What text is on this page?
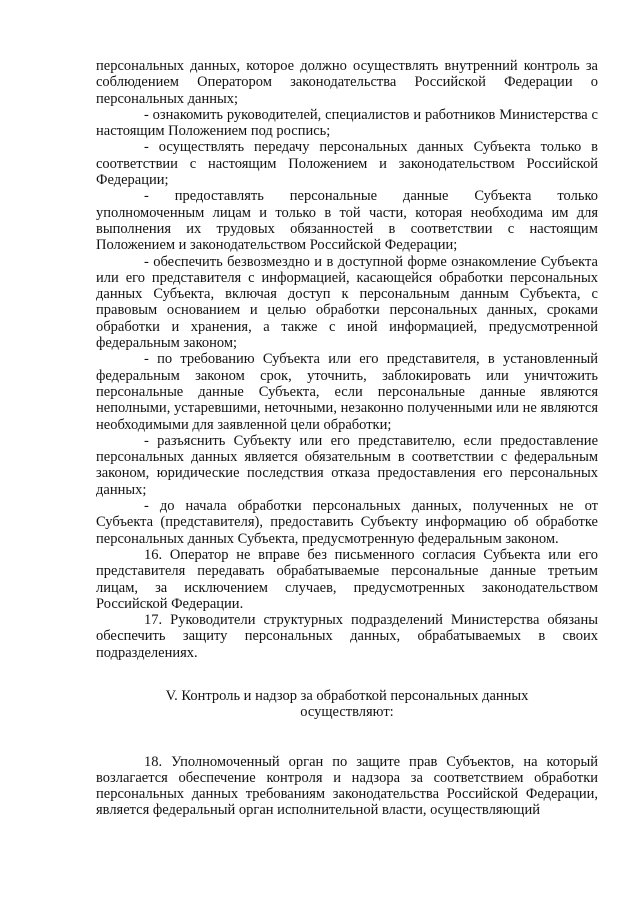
персональных данных, которое должно осуществлять внутренний контроль за соблюдением Оператором законодательства Российской Федерации о персональных данных;

- ознакомить руководителей, специалистов и работников Министерства с настоящим Положением под роспись;

- осуществлять передачу персональных данных Субъекта только в соответствии с настоящим Положением и законодательством Российской Федерации;

- предоставлять персональные данные Субъекта только уполномоченным лицам и только в той части, которая необходима им для выполнения их трудовых обязанностей в соответствии с настоящим Положением и законодательством Российской Федерации;

- обеспечить безвозмездно и в доступной форме ознакомление Субъекта или его представителя с информацией, касающейся обработки персональных данных Субъекта, включая доступ к персональным данным Субъекта, с правовым основанием и целью обработки персональных данных, сроками обработки и хранения, а также с иной информацией, предусмотренной федеральным законом;

- по требованию Субъекта или его представителя, в установленный федеральным законом срок, уточнить, заблокировать или уничтожить персональные данные Субъекта, если персональные данные являются неполными, устаревшими, неточными, незаконно полученными или не являются необходимыми для заявленной цели обработки;

- разъяснить Субъекту или его представителю, если предоставление персональных данных является обязательным в соответствии с федеральным законом, юридические последствия отказа предоставления его персональных данных;

- до начала обработки персональных данных, полученных не от Субъекта (представителя), предоставить Субъекту информацию об обработке персональных данных Субъекта, предусмотренную федеральным законом.

16. Оператор не вправе без письменного согласия Субъекта или его представителя передавать обрабатываемые персональные данные третьим лицам, за исключением случаев, предусмотренных законодательством Российской Федерации.

17. Руководители структурных подразделений Министерства обязаны обеспечить защиту персональных данных, обрабатываемых в своих подразделениях.

V. Контроль и надзор за обработкой персональных данных
осуществляют:

18. Уполномоченный орган по защите прав Субъектов, на который возлагается обеспечение контроля и надзора за соответствием обработки персональных данных требованиям законодательства Российской Федерации, является федеральный орган исполнительной власти, осуществляющий
